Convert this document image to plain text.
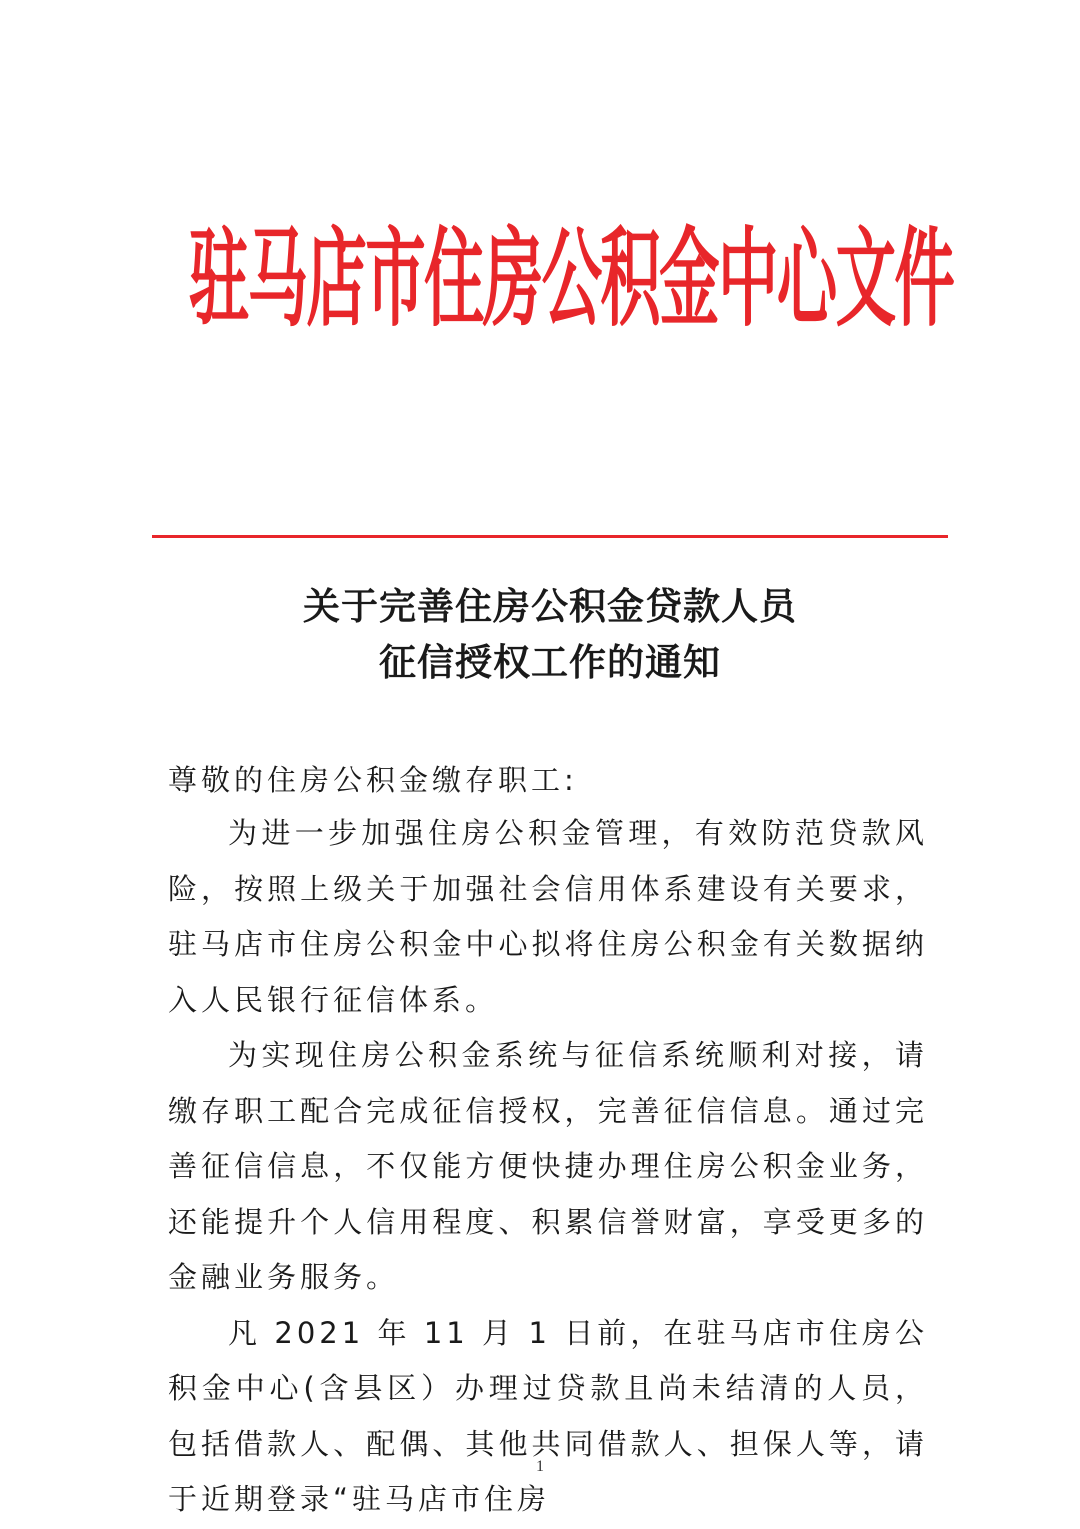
驻马店市住房公积金中心文件
关于完善住房公积金贷款人员
征信授权工作的通知
尊敬的住房公积金缴存职工:

为进一步加强住房公积金管理，有效防范贷款风险，按照上级关于加强社会信用体系建设有关要求，驻马店市住房公积金中心拟将住房公积金有关数据纳入人民银行征信体系。

为实现住房公积金系统与征信系统顺利对接，请缴存职工配合完成征信授权，完善征信信息。通过完善征信信息，不仅能方便快捷办理住房公积金业务，还能提升个人信用程度、积累信誉财富，享受更多的金融业务服务。

凡 2021 年 11 月 1 日前，在驻马店市住房公积金中心(含县区）办理过贷款且尚未结清的人员，包括借款人、配偶、其他共同借款人、担保人等，请于近期登录“驻马店市住房

1
